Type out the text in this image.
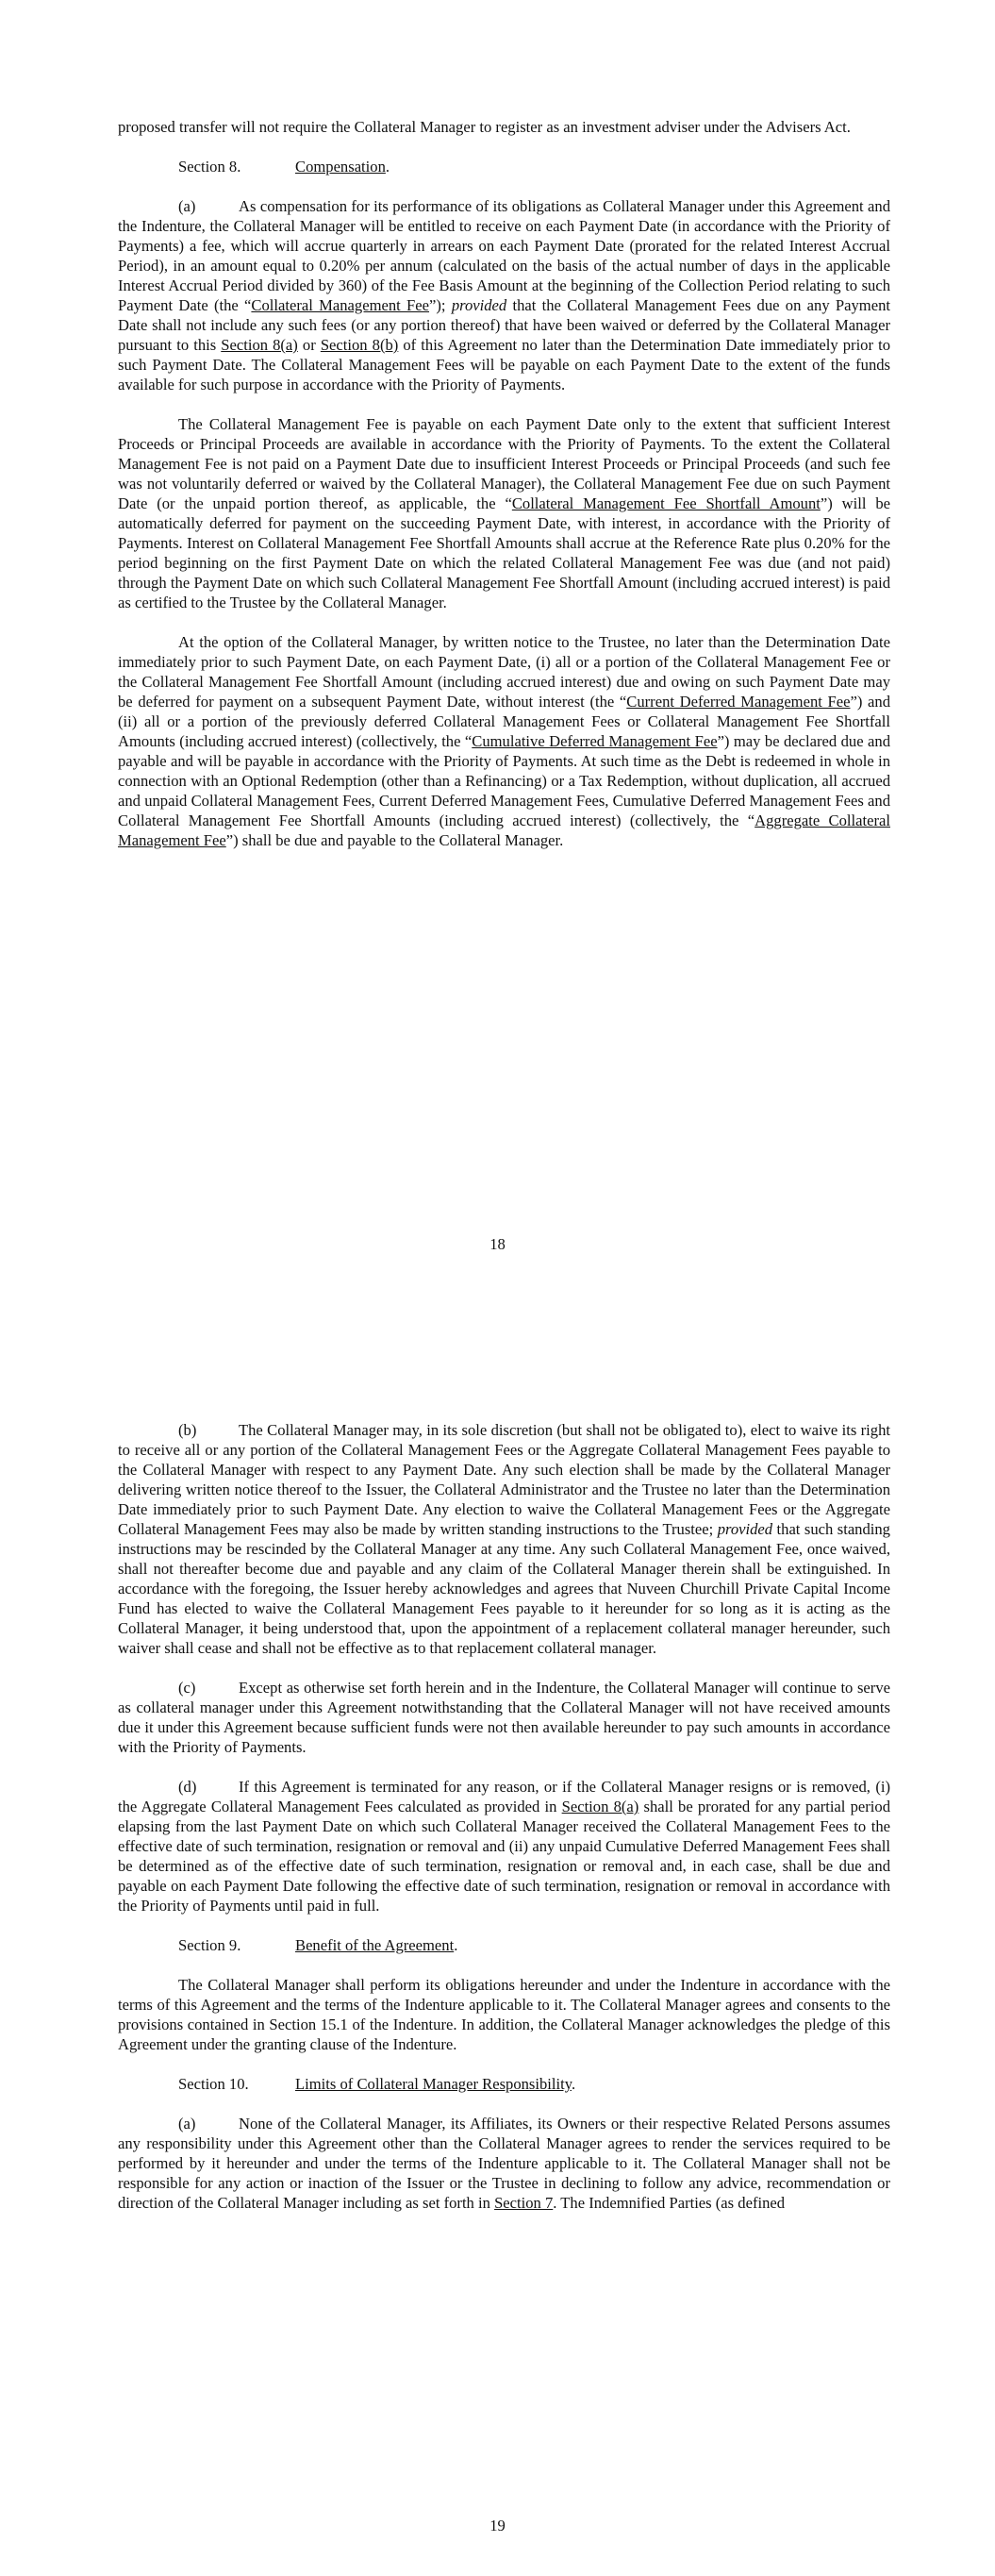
proposed transfer will not require the Collateral Manager to register as an investment adviser under the Advisers Act.

Section 8.	Compensation.

(a)	As compensation for its performance of its obligations as Collateral Manager under this Agreement and the Indenture, the Collateral Manager will be entitled to receive on each Payment Date (in accordance with the Priority of Payments) a fee, which will accrue quarterly in arrears on each Payment Date (prorated for the related Interest Accrual Period), in an amount equal to 0.20% per annum (calculated on the basis of the actual number of days in the applicable Interest Accrual Period divided by 360) of the Fee Basis Amount at the beginning of the Collection Period relating to such Payment Date (the “Collateral Management Fee”); provided that the Collateral Management Fees due on any Payment Date shall not include any such fees (or any portion thereof) that have been waived or deferred by the Collateral Manager pursuant to this Section 8(a) or Section 8(b) of this Agreement no later than the Determination Date immediately prior to such Payment Date. The Collateral Management Fees will be payable on each Payment Date to the extent of the funds available for such purpose in accordance with the Priority of Payments.

The Collateral Management Fee is payable on each Payment Date only to the extent that sufficient Interest Proceeds or Principal Proceeds are available in accordance with the Priority of Payments. To the extent the Collateral Management Fee is not paid on a Payment Date due to insufficient Interest Proceeds or Principal Proceeds (and such fee was not voluntarily deferred or waived by the Collateral Manager), the Collateral Management Fee due on such Payment Date (or the unpaid portion thereof, as applicable, the “Collateral Management Fee Shortfall Amount”) will be automatically deferred for payment on the succeeding Payment Date, with interest, in accordance with the Priority of Payments. Interest on Collateral Management Fee Shortfall Amounts shall accrue at the Reference Rate plus 0.20% for the period beginning on the first Payment Date on which the related Collateral Management Fee was due (and not paid) through the Payment Date on which such Collateral Management Fee Shortfall Amount (including accrued interest) is paid as certified to the Trustee by the Collateral Manager.

At the option of the Collateral Manager, by written notice to the Trustee, no later than the Determination Date immediately prior to such Payment Date, on each Payment Date, (i) all or a portion of the Collateral Management Fee or the Collateral Management Fee Shortfall Amount (including accrued interest) due and owing on such Payment Date may be deferred for payment on a subsequent Payment Date, without interest (the “Current Deferred Management Fee”) and (ii) all or a portion of the previously deferred Collateral Management Fees or Collateral Management Fee Shortfall Amounts (including accrued interest) (collectively, the “Cumulative Deferred Management Fee”) may be declared due and payable and will be payable in accordance with the Priority of Payments. At such time as the Debt is redeemed in whole in connection with an Optional Redemption (other than a Refinancing) or a Tax Redemption, without duplication, all accrued and unpaid Collateral Management Fees, Current Deferred Management Fees, Cumulative Deferred Management Fees and Collateral Management Fee Shortfall Amounts (including accrued interest) (collectively, the “Aggregate Collateral Management Fee”) shall be due and payable to the Collateral Manager.

18

(b)	The Collateral Manager may, in its sole discretion (but shall not be obligated to), elect to waive its right to receive all or any portion of the Collateral Management Fees or the Aggregate Collateral Management Fees payable to the Collateral Manager with respect to any Payment Date. Any such election shall be made by the Collateral Manager delivering written notice thereof to the Issuer, the Collateral Administrator and the Trustee no later than the Determination Date immediately prior to such Payment Date. Any election to waive the Collateral Management Fees or the Aggregate Collateral Management Fees may also be made by written standing instructions to the Trustee; provided that such standing instructions may be rescinded by the Collateral Manager at any time. Any such Collateral Management Fee, once waived, shall not thereafter become due and payable and any claim of the Collateral Manager therein shall be extinguished. In accordance with the foregoing, the Issuer hereby acknowledges and agrees that Nuveen Churchill Private Capital Income Fund has elected to waive the Collateral Management Fees payable to it hereunder for so long as it is acting as the Collateral Manager, it being understood that, upon the appointment of a replacement collateral manager hereunder, such waiver shall cease and shall not be effective as to that replacement collateral manager.

(c)	Except as otherwise set forth herein and in the Indenture, the Collateral Manager will continue to serve as collateral manager under this Agreement notwithstanding that the Collateral Manager will not have received amounts due it under this Agreement because sufficient funds were not then available hereunder to pay such amounts in accordance with the Priority of Payments.

(d)	If this Agreement is terminated for any reason, or if the Collateral Manager resigns or is removed, (i) the Aggregate Collateral Management Fees calculated as provided in Section 8(a) shall be prorated for any partial period elapsing from the last Payment Date on which such Collateral Manager received the Collateral Management Fees to the effective date of such termination, resignation or removal and (ii) any unpaid Cumulative Deferred Management Fees shall be determined as of the effective date of such termination, resignation or removal and, in each case, shall be due and payable on each Payment Date following the effective date of such termination, resignation or removal in accordance with the Priority of Payments until paid in full.

Section 9.	Benefit of the Agreement.

The Collateral Manager shall perform its obligations hereunder and under the Indenture in accordance with the terms of this Agreement and the terms of the Indenture applicable to it. The Collateral Manager agrees and consents to the provisions contained in Section 15.1 of the Indenture. In addition, the Collateral Manager acknowledges the pledge of this Agreement under the granting clause of the Indenture.

Section 10.	Limits of Collateral Manager Responsibility.

(a)	None of the Collateral Manager, its Affiliates, its Owners or their respective Related Persons assumes any responsibility under this Agreement other than the Collateral Manager agrees to render the services required to be performed by it hereunder and under the terms of the Indenture applicable to it. The Collateral Manager shall not be responsible for any action or inaction of the Issuer or the Trustee in declining to follow any advice, recommendation or direction of the Collateral Manager including as set forth in Section 7. The Indemnified Parties (as defined

19
